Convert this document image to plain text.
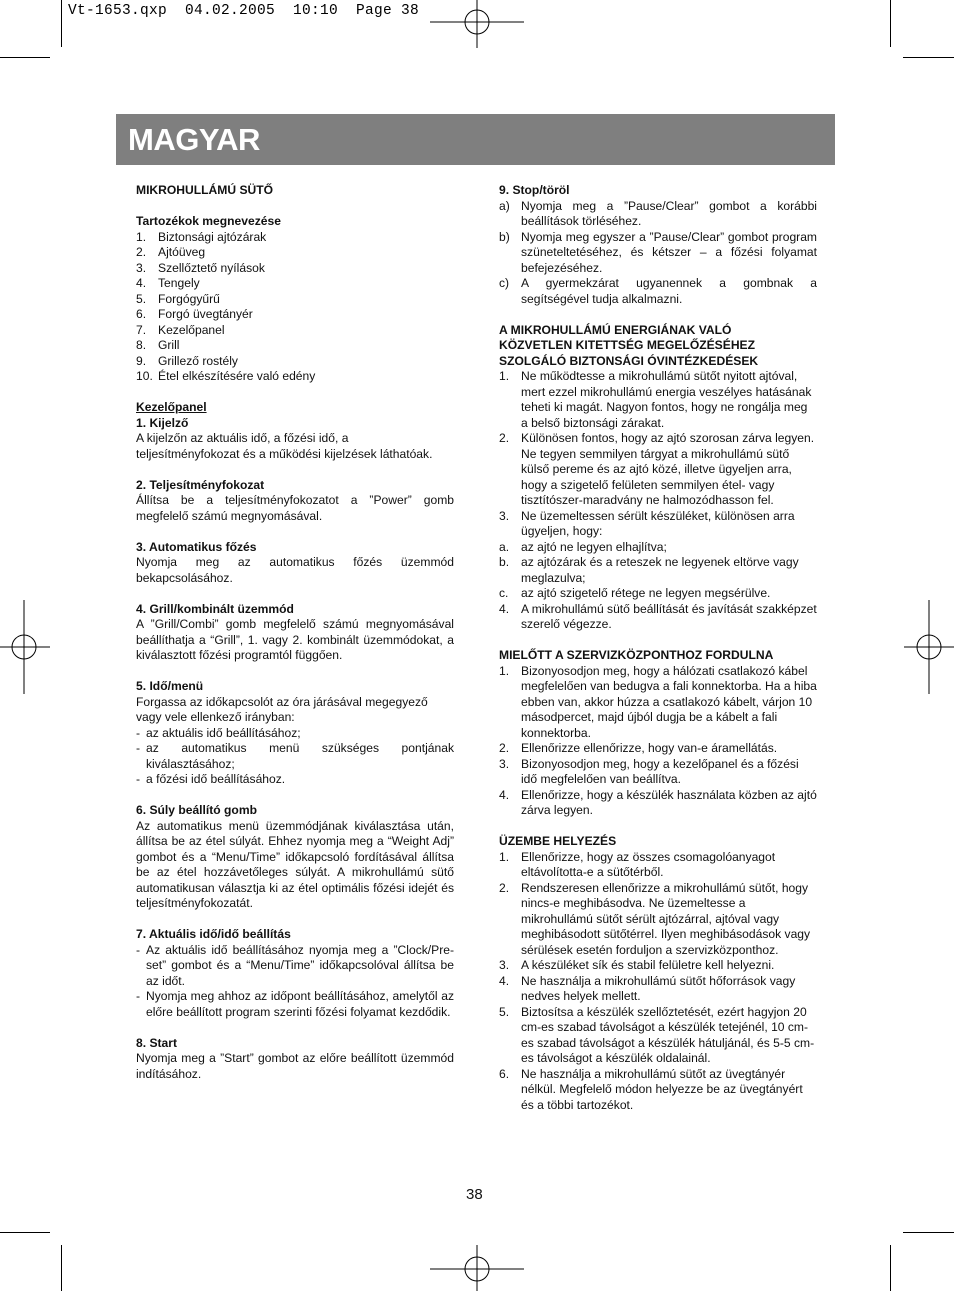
Vt-1653.qxp  04.02.2005  10:10  Page 38
MAGYAR
MIKROHULLÁMÚ SÜTŐ
Tartozékok megnevezése
1. Biztonsági ajtózárak
2. Ajtóüveg
3. Szellőztető nyílások
4. Tengely
5. Forgógyűrű
6. Forgó üvegtányér
7. Kezelőpanel
8. Grill
9. Grillező rostély
10. Étel elkészítésére való edény
Kezelőpanel
1. Kijelző
A kijelzőn az aktuális idő, a főzési idő, a teljesítményfokozat és a működési kijelzések láthatóak.
2. Teljesítményfokozat
Állítsa be a teljesítményfokozatot a ”Power” gomb megfelelő számú megnyomásával.
3. Automatikus főzés
Nyomja meg az automatikus főzés üzemmód bekapcsolásához.
4. Grill/kombinált üzemmód
A ”Grill/Combi” gomb megfelelő számú megnyomásával beállíthatja a “Grill”, 1. vagy 2. kombinált üzemmódokat, a kiválasztott főzési programtól függően.
5. Idő/menü
Forgassa az időkapcsolót az óra járásával megegyező vagy vele ellenkező irányban:
- az aktuális idő beállításához;
- az automatikus menü szükséges pontjának kiválasztásához;
- a főzési idő beállításához.
6. Súly beállító gomb
Az automatikus menü üzemmódjának kiválasztása után, állítsa be az étel súlyát. Ehhez nyomja meg a “Weight Adj” gombot és a “Menu/Time” időkapcsoló fordításával állítsa be az étel hozzávetőleges súlyát. A mikrohullámú sütő automatikusan választja ki az étel optimális főzési idejét és teljesítményfokozatát.
7. Aktuális idő/idő beállítás
- Az aktuális idő beállításához nyomja meg a ”Clock/Pre-set” gombot és a “Menu/Time” időkapcsolóval állítsa be az időt.
- Nyomja meg ahhoz az időpont beállításához, amelytől az előre beállított program szerinti főzési folyamat kezdődik.
8. Start
Nyomja meg a ”Start” gombot az előre beállított üzemmód indításához.
9. Stop/töröl
a) Nyomja meg a ”Pause/Clear” gombot a korábbi beállítások törléséhez.
b) Nyomja meg egyszer a ”Pause/Clear” gombot program szüneteltetéséhez, és kétszer – a főzési folyamat befejezéséhez.
c) A gyermekzárat ugyanennek a gombnak a segítségével tudja alkalmazni.
A MIKROHULLÁMÚ ENERGIÁNAK VALÓ
KÖZVETLEN KITETTSÉG MEGELŐZÉSÉHEZ
SZOLGÁLÓ BIZTONSÁGI ÓVINTÉZKEDÉSEK
1. Ne működtesse a mikrohullámú sütőt nyitott ajtóval, mert ezzel mikrohullámú energia veszélyes hatásának teheti ki magát. Nagyon fontos, hogy ne rongálja meg a belső biztonsági zárakat.
2. Különösen fontos, hogy az ajtó szorosan zárva legyen. Ne tegyen semmilyen tárgyat a mikrohullámú sütő külső pereme és az ajtó közé, illetve ügyeljen arra, hogy a szigetelő felületen semmilyen étel- vagy tisztítószer-maradvány ne halmozódhasson fel.
3. Ne üzemeltessen sérült készüléket, különösen arra ügyeljen, hogy:
a. az ajtó ne legyen elhajlítva;
b. az ajtózárak és a reteszek ne legyenek eltörve vagy meglazulva;
c.	az ajtó szigetelő rétege ne legyen megsérülve.
4. A mikrohullámú sütő beállítását és javítását szakképzet szerelő végezze.
MIELŐTT A SZERVIZKÖZPONTHOZ FORDULNA
1. Bizonyosodjon meg, hogy a hálózati csatlakozó kábel megfelelően van bedugva a fali konnektorba. Ha a hiba ebben van, akkor húzza a csatlakozó kábelt, várjon 10 másodpercet, majd újból dugja be a kábelt a fali konnektorba.
2. Ellenőrizze ellenőrizze, hogy van-e áramellátás.
3. Bizonyosodjon meg, hogy a kezelőpanel és a főzési idő megfelelően van beállítva.
4. Ellenőrizze, hogy a készülék használata közben az ajtó zárva legyen.
ÜZEMBE HELYEZÉS
1. Ellenőrizze, hogy az összes csomagolóanyagot eltávolította-e a sütőtérből.
2. Rendszeresen ellenőrizze a mikrohullámú sütőt, hogy nincs-e meghibásodva. Ne üzemeltesse a mikrohullámú sütőt sérült ajtózárral, ajtóval vagy meghibásodott sütőtérrel. Ilyen meghibásodások vagy sérülések esetén forduljon a szervizközponthoz.
3. A készüléket sík és stabil felületre kell helyezni.
4. Ne használja a mikrohullámú sütőt hőforrások vagy nedves helyek mellett.
5. Biztosítsa a készülék szellőztetését, ezért hagyjon 20 cm-es szabad távolságot a készülék tetejénél, 10 cm-es szabad távolságot a készülék hátuljánál, és 5-5 cm-es távolságot a készülék oldalainál.
6. Ne használja a mikrohullámú sütőt az üvegtányér nélkül. Megfelelő módon helyezze be az üvegtányért és a többi tartozékot.
38
